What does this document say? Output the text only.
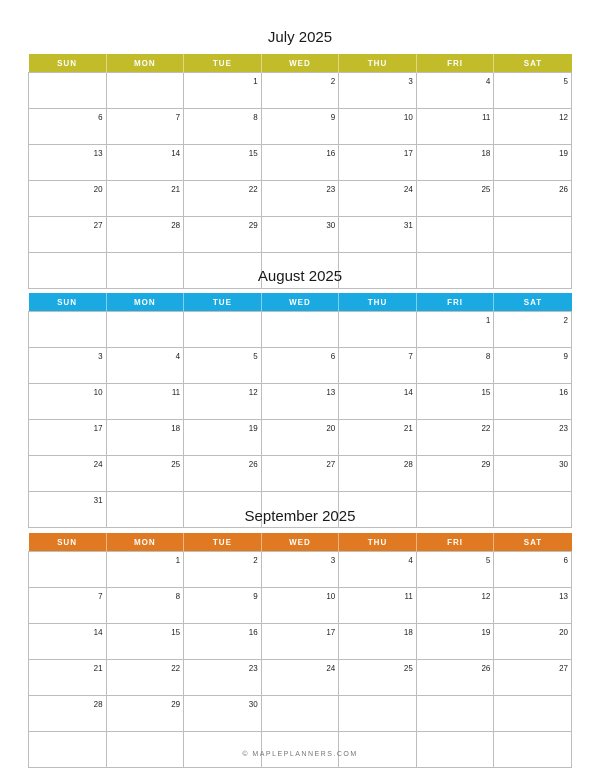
July 2025
SUN	MON	TUE	WED	THU	FRI	SAT
		1	2	3	4	5
6	7	8	9	10	11	12
13	14	15	16	17	18	19
20	21	22	23	24	25	26
27	28	29	30	31		

August 2025
SUN	MON	TUE	WED	THU	FRI	SAT
					1	2
3	4	5	6	7	8	9
10	11	12	13	14	15	16
17	18	19	20	21	22	23
24	25	26	27	28	29	30
31						
September 2025
SUN	MON	TUE	WED	THU	FRI	SAT
	1	2	3	4	5	6
7	8	9	10	11	12	13
14	15	16	17	18	19	20
21	22	23	24	25	26	27
28	29	30				

© MAPLEPLANNERS.COM
